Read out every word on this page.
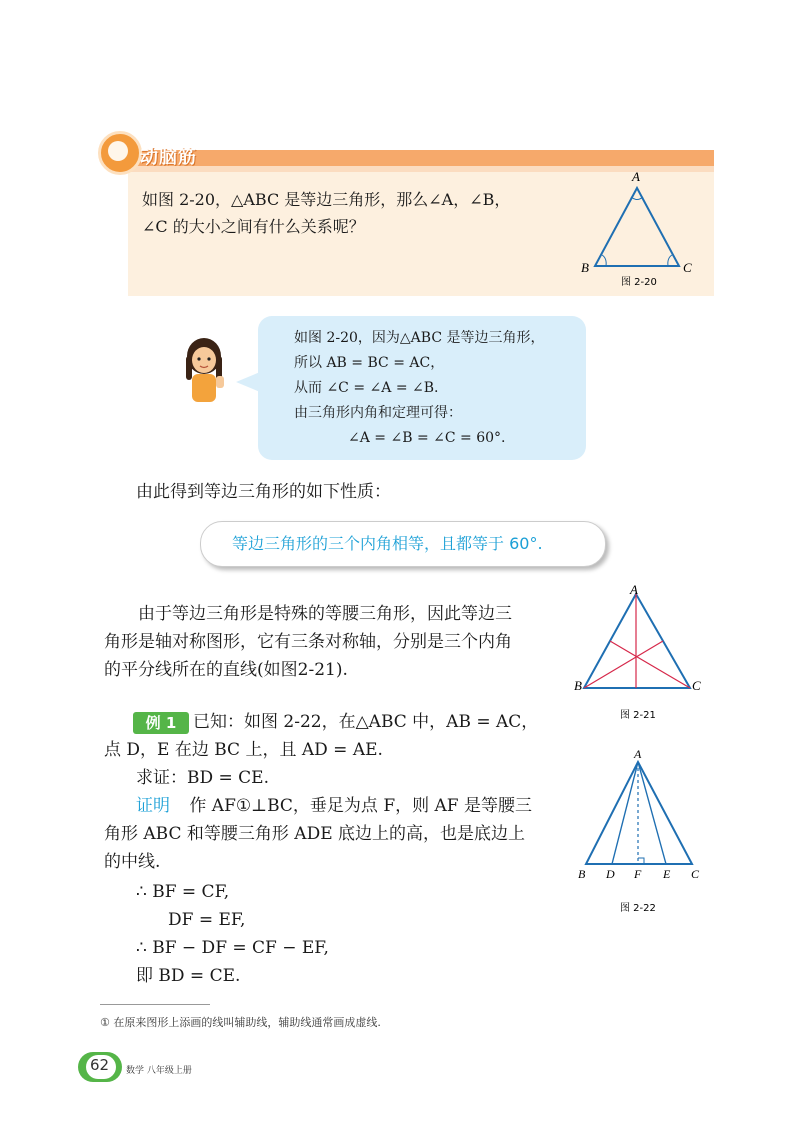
动脑筋
如图 2-20，△ABC 是等边三角形，那么∠A，∠B，
∠C 的大小之间有什么关系呢？
A
B	C
图 2-20
如图 2-20，因为△ABC 是等边三角形，
所以 AB = BC = AC，
从而 ∠C = ∠A = ∠B.
由三角形内角和定理可得：
∠A = ∠B = ∠C = 60°.
由此得到等边三角形的如下性质：
等边三角形的三个内角相等，且都等于 60°.
由于等边三角形是特殊的等腰三角形，因此等边三
角形是轴对称图形，它有三条对称轴，分别是三个内角
的平分线所在的直线(如图2-21).
A
B	C
图 2-21
例 1 已知：如图 2-22，在△ABC 中，AB = AC，
点 D，E 在边 BC 上，且 AD = AE.
求证：BD = CE.
证明 作 AF①⊥BC，垂足为点 F，则 AF 是等腰三
角形 ABC 和等腰三角形 ADE 底边上的高，也是底边上
的中线.
∴ BF = CF,
DF = EF,
∴ BF − DF = CF − EF,
即 BD = CE.
A
B D F E C
图 2-22
① 在原来图形上添画的线叫辅助线，辅助线通常画成虚线.
62	数学 八年级上册
